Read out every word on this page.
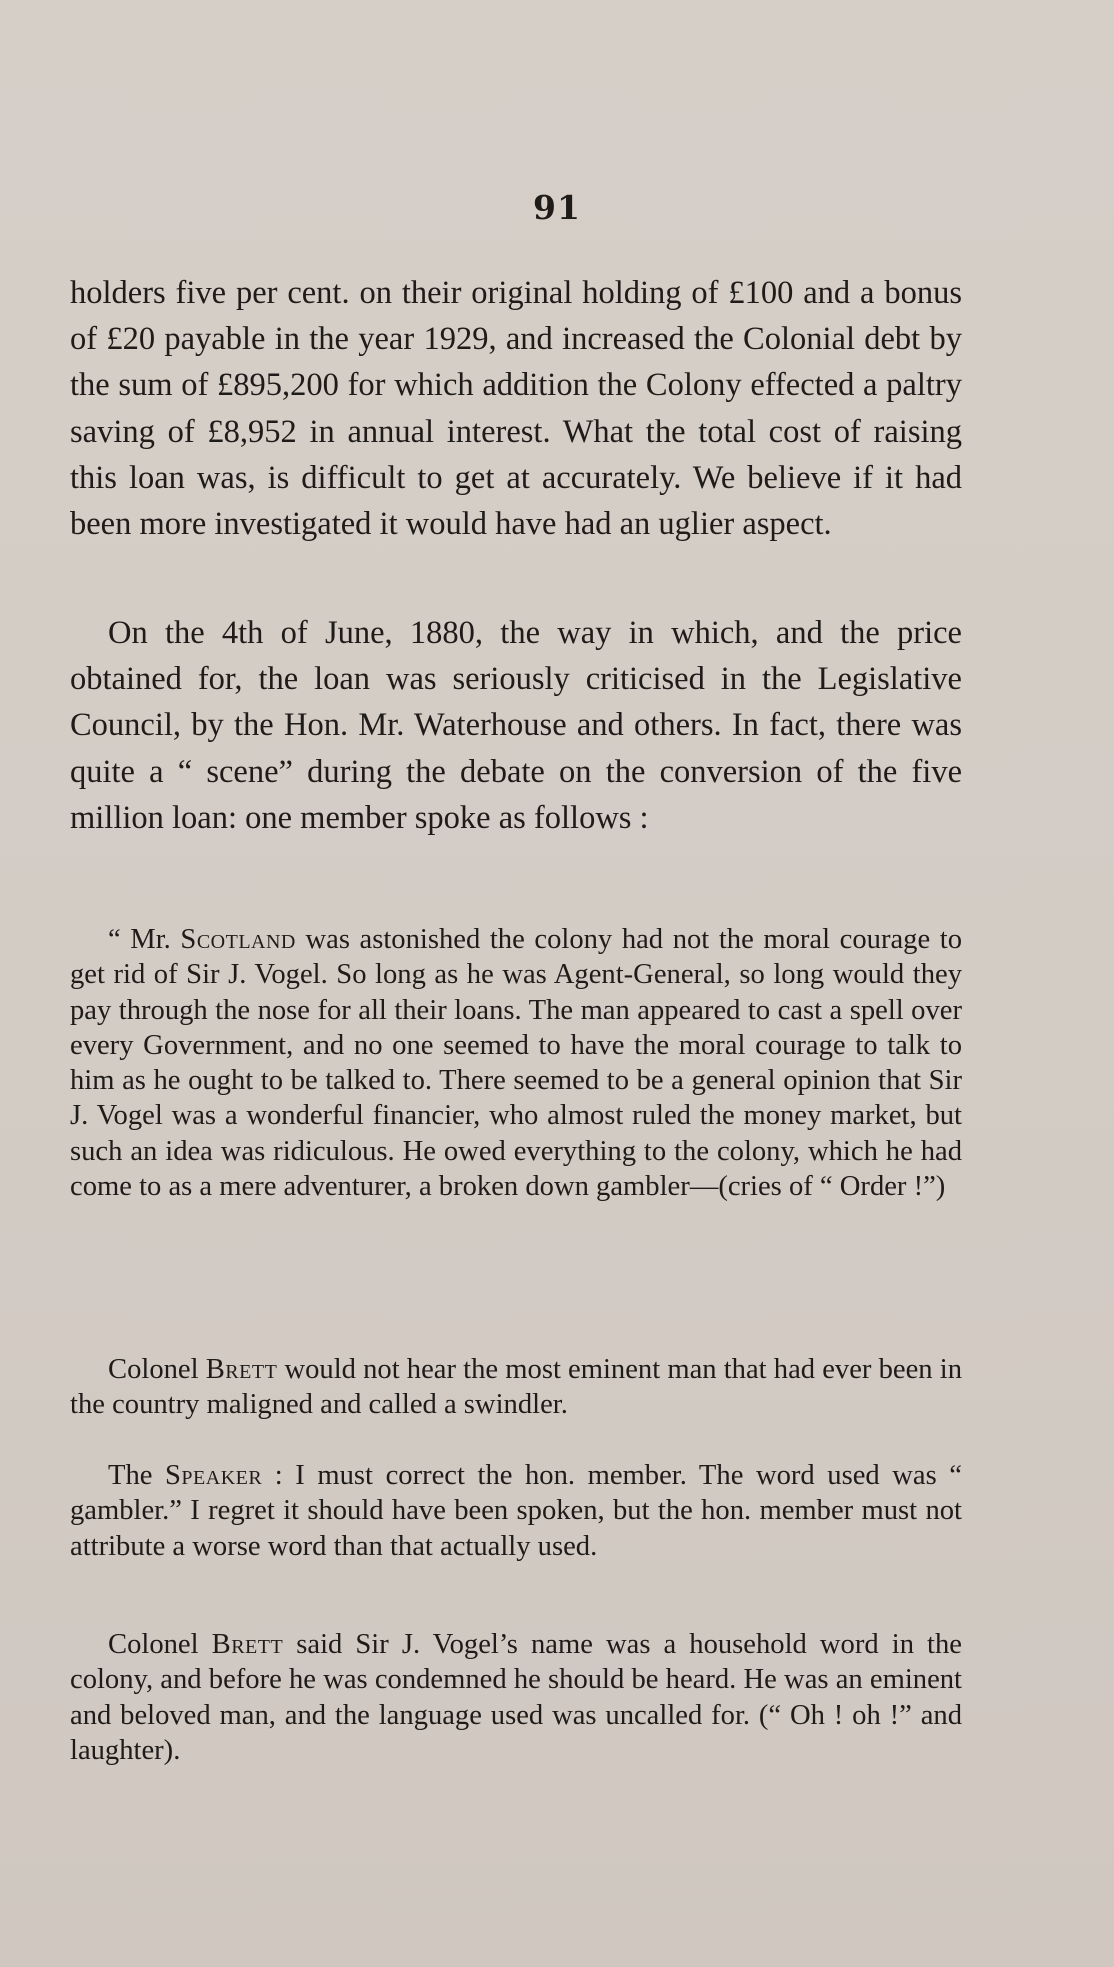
91

holders five per cent. on their original holding of £100 and a bonus of £20 payable in the year 1929, and increased the Colonial debt by the sum of £895,200 for which addition the Colony effected a paltry saving of £8,952 in annual interest. What the total cost of raising this loan was, is difficult to get at accurately. We believe if it had been more investigated it would have had an uglier aspect.

On the 4th of June, 1880, the way in which, and the price obtained for, the loan was seriously criticised in the Legislative Council, by the Hon. Mr. Waterhouse and others. In fact, there was quite a “ scene” during the debate on the conversion of the five million loan: one member spoke as follows :

“ Mr. Scotland was astonished the colony had not the moral courage to get rid of Sir J. Vogel. So long as he was Agent-General, so long would they pay through the nose for all their loans. The man appeared to cast a spell over every Government, and no one seemed to have the moral courage to talk to him as he ought to be talked to. There seemed to be a general opinion that Sir J. Vogel was a wonderful financier, who almost ruled the money market, but such an idea was ridiculous. He owed everything to the colony, which he had come to as a mere adventurer, a broken down gambler—(cries of “ Order !”)

Colonel Brett would not hear the most eminent man that had ever been in the country maligned and called a swindler.

The Speaker : I must correct the hon. member. The word used was “ gambler.” I regret it should have been spoken, but the hon. member must not attribute a worse word than that actually used.

Colonel Brett said Sir J. Vogel’s name was a household word in the colony, and before he was condemned he should be heard. He was an eminent and beloved man, and the language used was uncalled for. (“ Oh ! oh !” and laughter).
